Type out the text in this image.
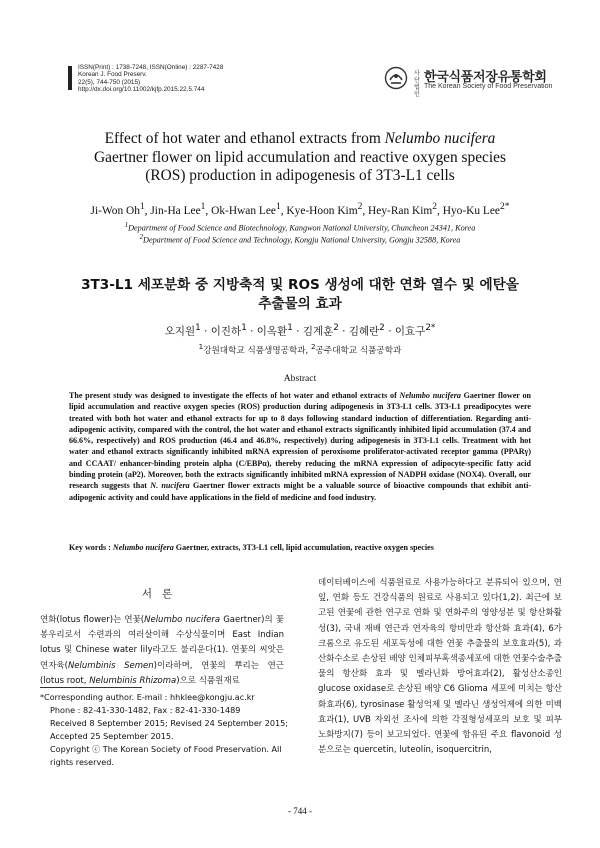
ISSN(Print) : 1738-7248, ISSN(Online) : 2287-7428
Korean J. Food Preserv.
22(5), 744-750 (2015)
http://dx.doi.org/10.11002/kjfp.2015.22.5.744
사단 법인
한국식품저장유통학회
The Korean Society of Food Preservation
Effect of hot water and ethanol extracts from Nelumbo nucifera
Gaertner flower on lipid accumulation and reactive oxygen species
(ROS) production in adipogenesis of 3T3-L1 cells
Ji-Won Oh$^1$, Jin-Ha Lee$^1$, Ok-Hwan Lee$^1$, Kye-Hoon Kim$^2$, Hey-Ran Kim$^2$, Hyo-Ku Lee$^{2*}$
$^1$Department of Food Science and Biotechnology, Kangwon National University, Chuncheon 24341, Korea
$^2$Department of Food Science and Technology, Kongju National University, Gongju 32588, Korea
3T3-L1 세포분화 중 지방축적 및 ROS 생성에 대한 연화 열수 및 에탄올
추출물의 효과
오지원$^1$ · 이진하$^1$ · 이옥환$^1$ · 김계훈$^2$ · 김혜란$^2$ · 이효구$^{2*}$
$^1$강원대학교 식품생명공학과, $^2$공주대학교 식품공학과
Abstract
The present study was designed to investigate the effects of hot water and ethanol extracts of Nelumbo nucifera Gaertner flower on lipid accumulation and reactive oxygen species (ROS) production during adipogenesis in 3T3-L1 cells. 3T3-L1 preadipocytes were treated with both hot water and ethanol extracts for up to 8 days following standard induction of differentiation. Regarding anti-adipogenic activity, compared with the control, the hot water and ethanol extracts significantly inhibited lipid accumulation (37.4 and 66.6%, respectively) and ROS production (46.4 and 46.8%, respectively) during adipogenesis in 3T3-L1 cells. Treatment with hot water and ethanol extracts significantly inhibited mRNA expression of peroxisome proliferator-activated receptor gamma (PPARγ) and CCAAT/ enhancer-binding protein alpha (C/EBPα), thereby reducing the mRNA expression of adipocyte-specific fatty acid binding protein (aP2). Moreover, both the extracts significantly inhibited mRNA expression of NADPH oxidase (NOX4). Overall, our research suggests that N. nucifera Gaertner flower extracts might be a valuable source of bioactive compounds that exhibit anti-adipogenic activity and could have applications in the field of medicine and food industry.
Key words : Nelumbo nucifera Gaertner, extracts, 3T3-L1 cell, lipid accumulation, reactive oxygen species
서론
연화(lotus flower)는 연꽃(Nelumbo nucifera Gaertner)의 꽃봉우리로서 수련과의 여러살이해 수상식물이며 East Indian lotus 및 Chinese water lily라고도 불리운다(1). 연꽃의 씨앗은 연자육(Nelumbinis Semen)이라하며, 연꽃의 뿌리는 연근(lotus root, Nelumbinis Rhizoma)으로 식품원재료
데이터베이스에 식품원료로 사용가능하다고 분류되어 있으며, 연잎, 연화 등도 건강식품의 원료로 사용되고 있다(1,2). 최근에 보고된 연꽃에 관한 연구로 연화 및 연화주의 영양성분 및 항산화활성(3), 국내 재배 연근과 연자육의 항비만과 항산화 효과(4), 6가 크롬으로 유도된 세포독성에 대한 연꽃 추출물의 보호효과(5), 과산화수소로 손상된 배양 인체피부혹색종세포에 대한 연꽃수술추출물의 항산화 효과 및 멜라닌화 방어효과(2), 활성산소종인 glucose oxidase로 손상된 배양 C6 Glioma 세포에 미치는 항산화효과(6), tyrosinase 활성억제 및 멜라닌 생성억제에 의한 미백효과(1), UVB 자외선 조사에 의한 각질형성세포의 보호 및 피부 노화방지(7) 등이 보고되었다. 연꽃에 함유된 주요 flavonoid 성분으로는 quercetin, luteolin, isoquercitrin,
*Corresponding author. E-mail : hhklee@kongju.ac.kr
Phone : 82-41-330-1482, Fax : 82-41-330-1489
Received 8 September 2015; Revised 24 September 2015;
Accepted 25 September 2015.
Copyright ⓒ The Korean Society of Food Preservation. All
rights reserved.
- 744 -
